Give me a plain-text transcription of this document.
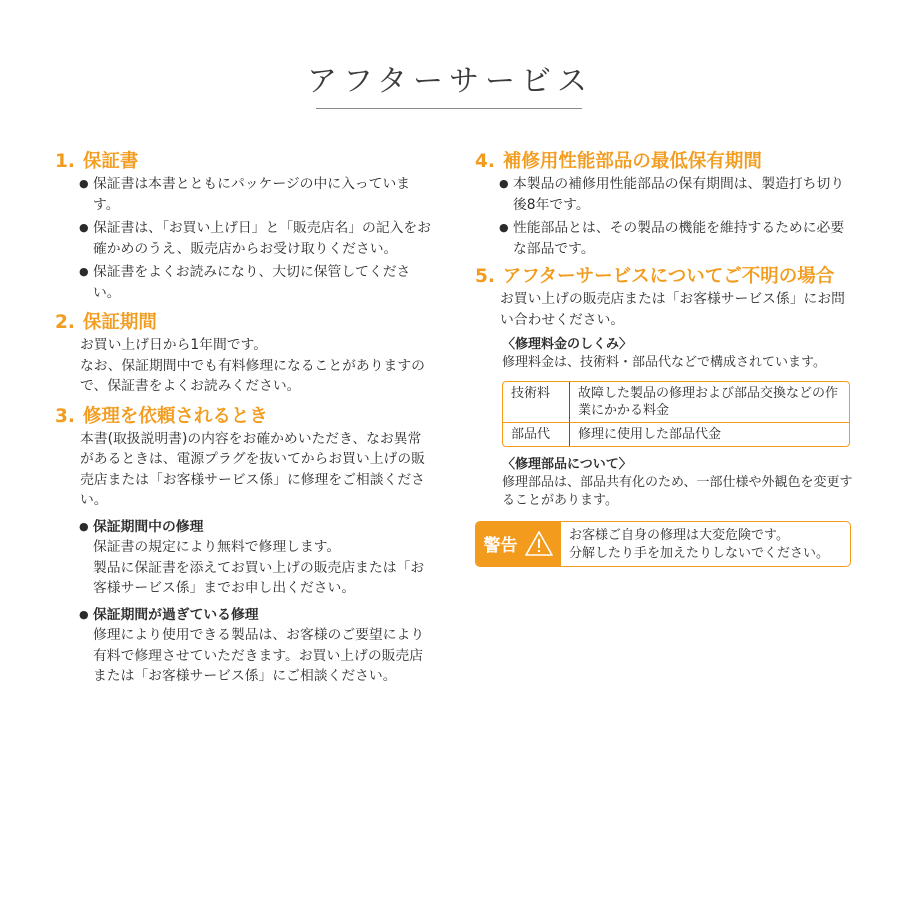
アフターサービス
1. 保証書
● 保証書は本書とともにパッケージの中に入っています。
● 保証書は、「お買い上げ日」と「販売店名」の記入をお確かめのうえ、販売店からお受け取りください。
● 保証書をよくお読みになり、大切に保管してください。
2. 保証期間
お買い上げ日から1年間です。
なお、保証期間中でも有料修理になることがありますので、保証書をよくお読みください。
3. 修理を依頼されるとき
本書(取扱説明書)の内容をお確かめいただき、なお異常があるときは、電源プラグを抜いてからお買い上げの販売店または「お客様サービス係」に修理をご相談ください。
● 保証期間中の修理
保証書の規定により無料で修理します。
製品に保証書を添えてお買い上げの販売店または「お客様サービス係」までお申し出ください。
● 保証期間が過ぎている修理
修理により使用できる製品は、お客様のご要望により有料で修理させていただきます。お買い上げの販売店または「お客様サービス係」にご相談ください。
4. 補修用性能部品の最低保有期間
● 本製品の補修用性能部品の保有期間は、製造打ち切り後8年です。
● 性能部品とは、その製品の機能を維持するために必要な部品です。
5. アフターサービスについてご不明の場合
お買い上げの販売店または「お客様サービス係」にお問い合わせください。
〈修理料金のしくみ〉
修理料金は、技術料・部品代などで構成されています。
技術料	故障した製品の修理および部品交換などの作業にかかる料金
部品代	修理に使用した部品代金
〈修理部品について〉
修理部品は、部品共有化のため、一部仕様や外観色を変更することがあります。
警告
お客様ご自身の修理は大変危険です。
分解したり手を加えたりしないでください。
